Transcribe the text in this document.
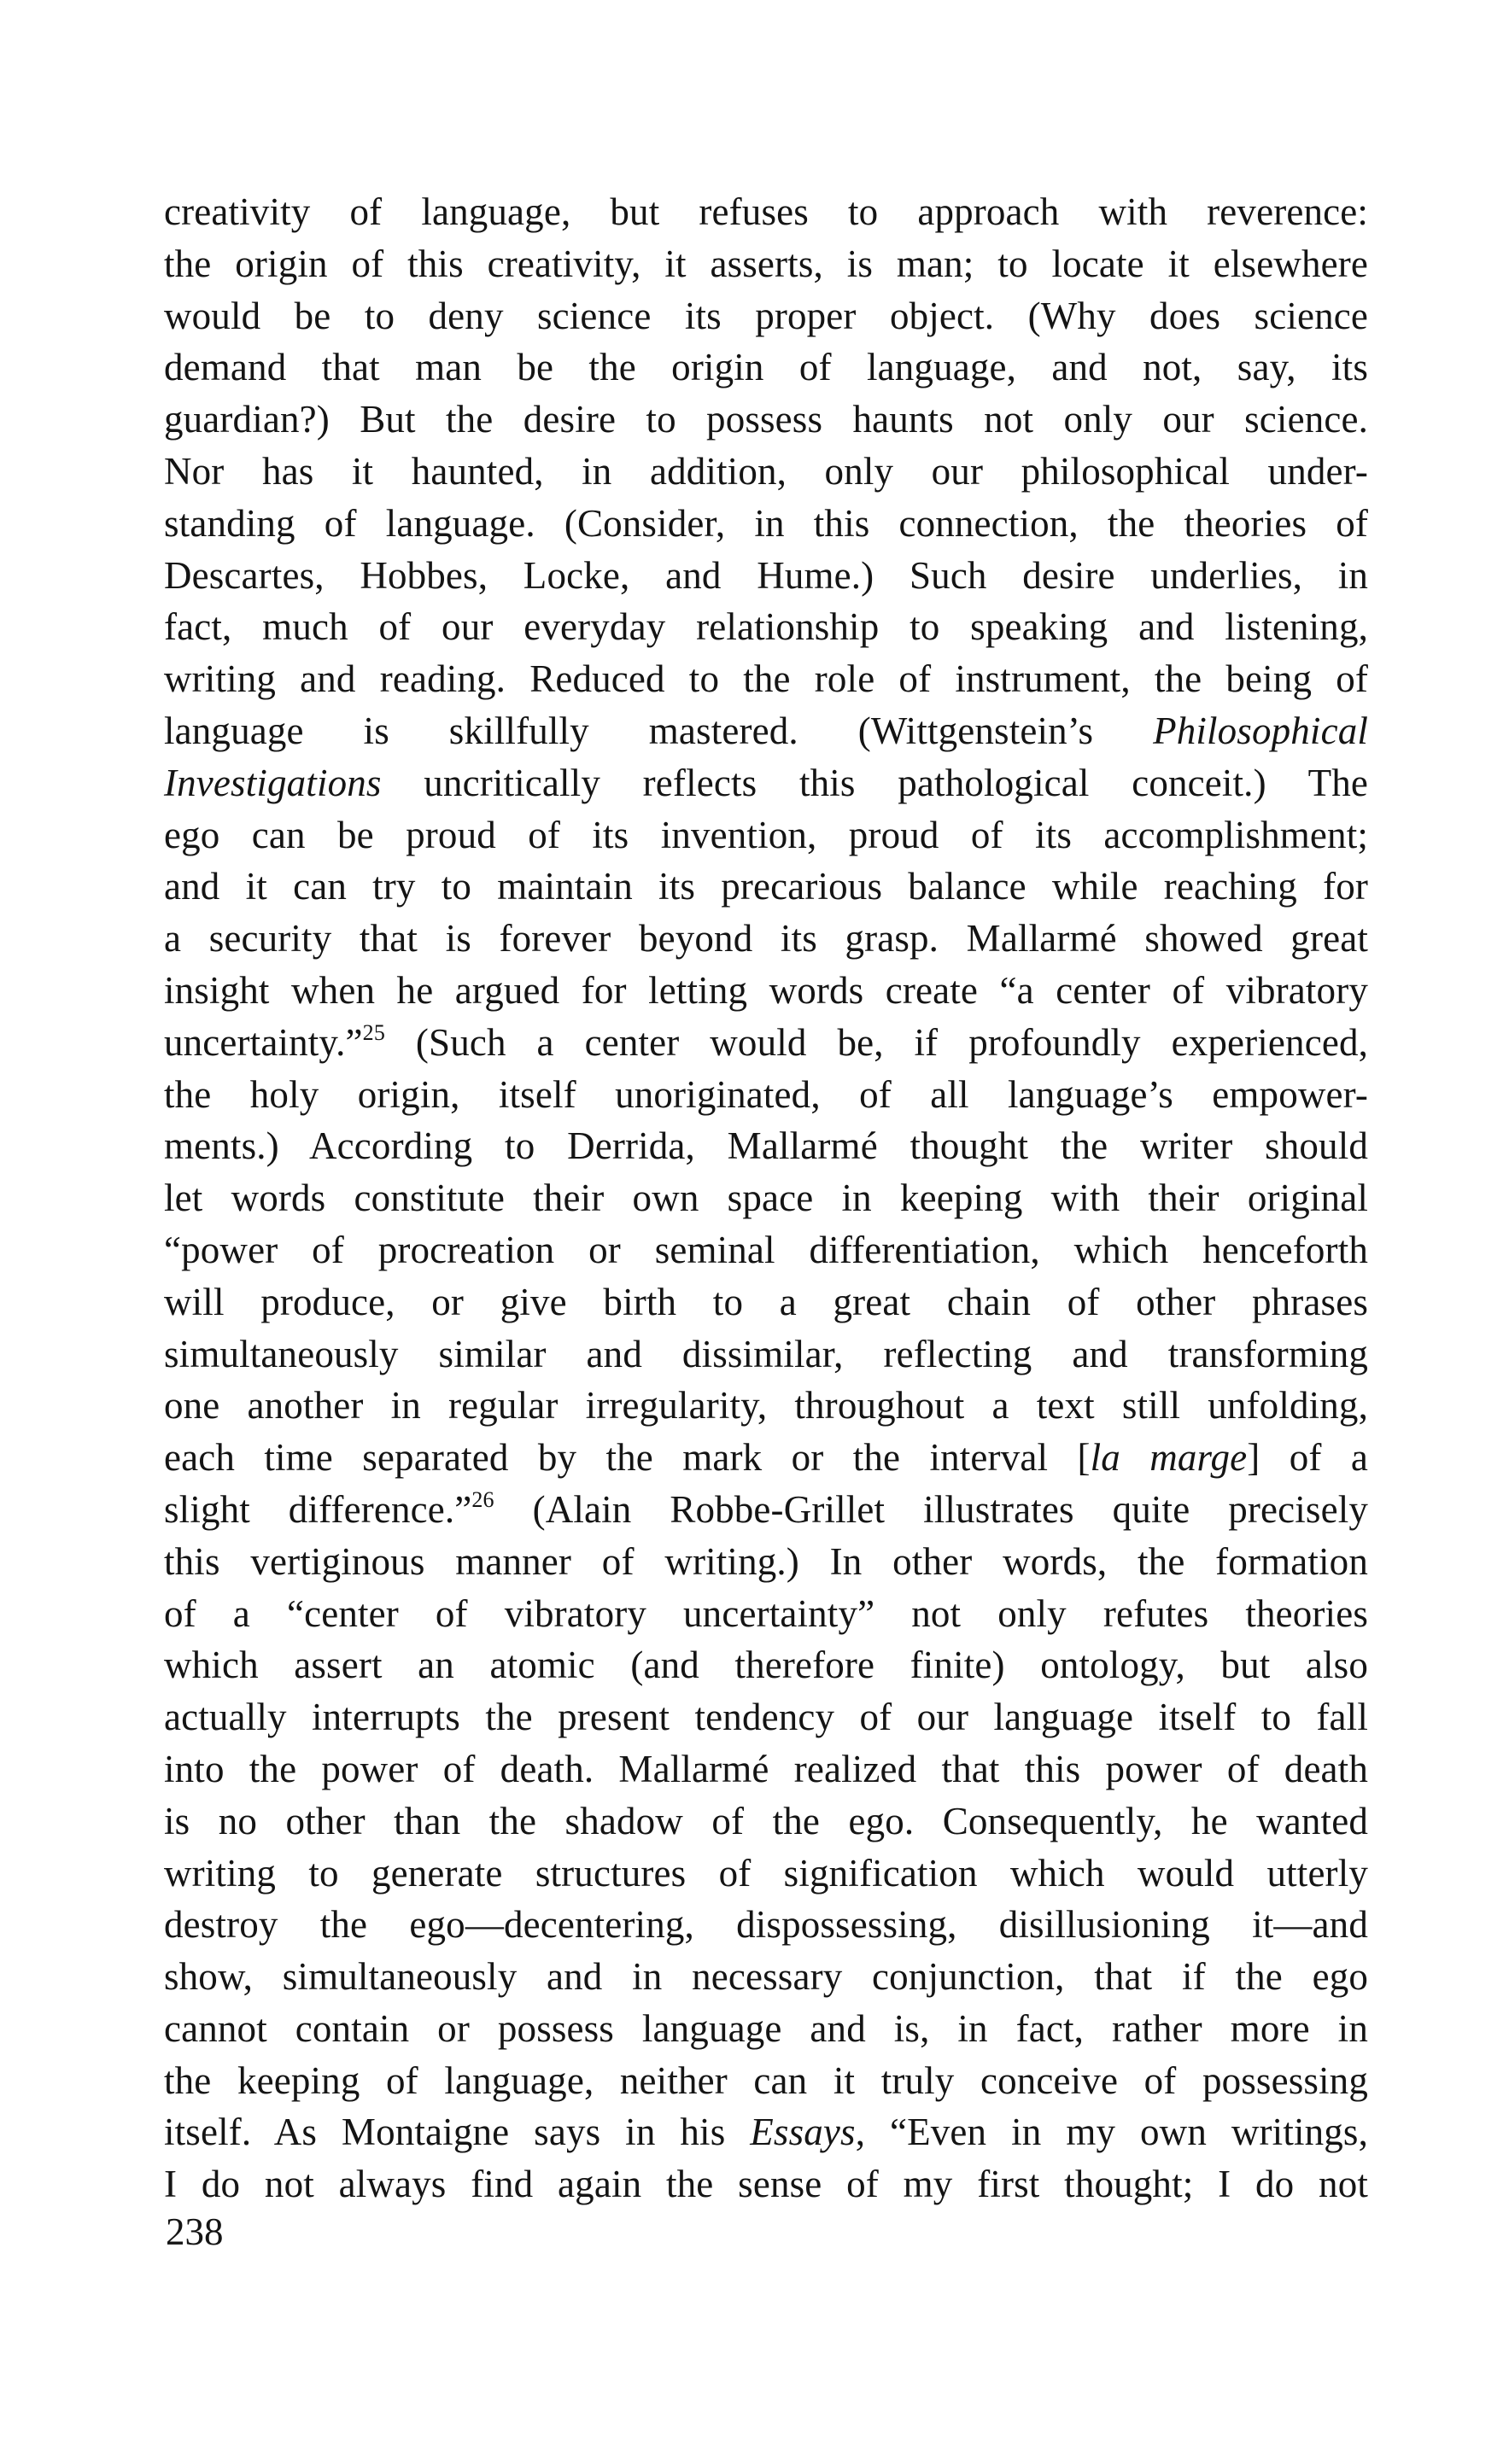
creativity of language, but refuses to approach with reverence:
the origin of this creativity, it asserts, is man; to locate it elsewhere
would be to deny science its proper object. (Why does science
demand that man be the origin of language, and not, say, its
guardian?) But the desire to possess haunts not only our science.
Nor has it haunted, in addition, only our philosophical under-
standing of language. (Consider, in this connection, the theories of
Descartes, Hobbes, Locke, and Hume.) Such desire underlies, in
fact, much of our everyday relationship to speaking and listening,
writing and reading. Reduced to the role of instrument, the being of
language is skillfully mastered. (Wittgenstein’s Philosophical
Investigations uncritically reflects this pathological conceit.) The
ego can be proud of its invention, proud of its accomplishment;
and it can try to maintain its precarious balance while reaching for
a security that is forever beyond its grasp. Mallarmé showed great
insight when he argued for letting words create “a center of vibratory
uncertainty.”$^{25}$ (Such a center would be, if profoundly experienced,
the holy origin, itself unoriginated, of all language’s empower-
ments.) According to Derrida, Mallarmé thought the writer should
let words constitute their own space in keeping with their original
“power of procreation or seminal differentiation, which henceforth
will produce, or give birth to a great chain of other phrases
simultaneously similar and dissimilar, reflecting and transforming
one another in regular irregularity, throughout a text still unfolding,
each time separated by the mark or the interval [la marge] of a
slight difference.”$^{26}$ (Alain Robbe-Grillet illustrates quite precisely
this vertiginous manner of writing.) In other words, the formation
of a “center of vibratory uncertainty” not only refutes theories
which assert an atomic (and therefore finite) ontology, but also
actually interrupts the present tendency of our language itself to fall
into the power of death. Mallarmé realized that this power of death
is no other than the shadow of the ego. Consequently, he wanted
writing to generate structures of signification which would utterly
destroy the ego—decentering, dispossessing, disillusioning it—and
show, simultaneously and in necessary conjunction, that if the ego
cannot contain or possess language and is, in fact, rather more in
the keeping of language, neither can it truly conceive of possessing
itself. As Montaigne says in his Essays, “Even in my own writings,
I do not always find again the sense of my first thought; I do not
238
